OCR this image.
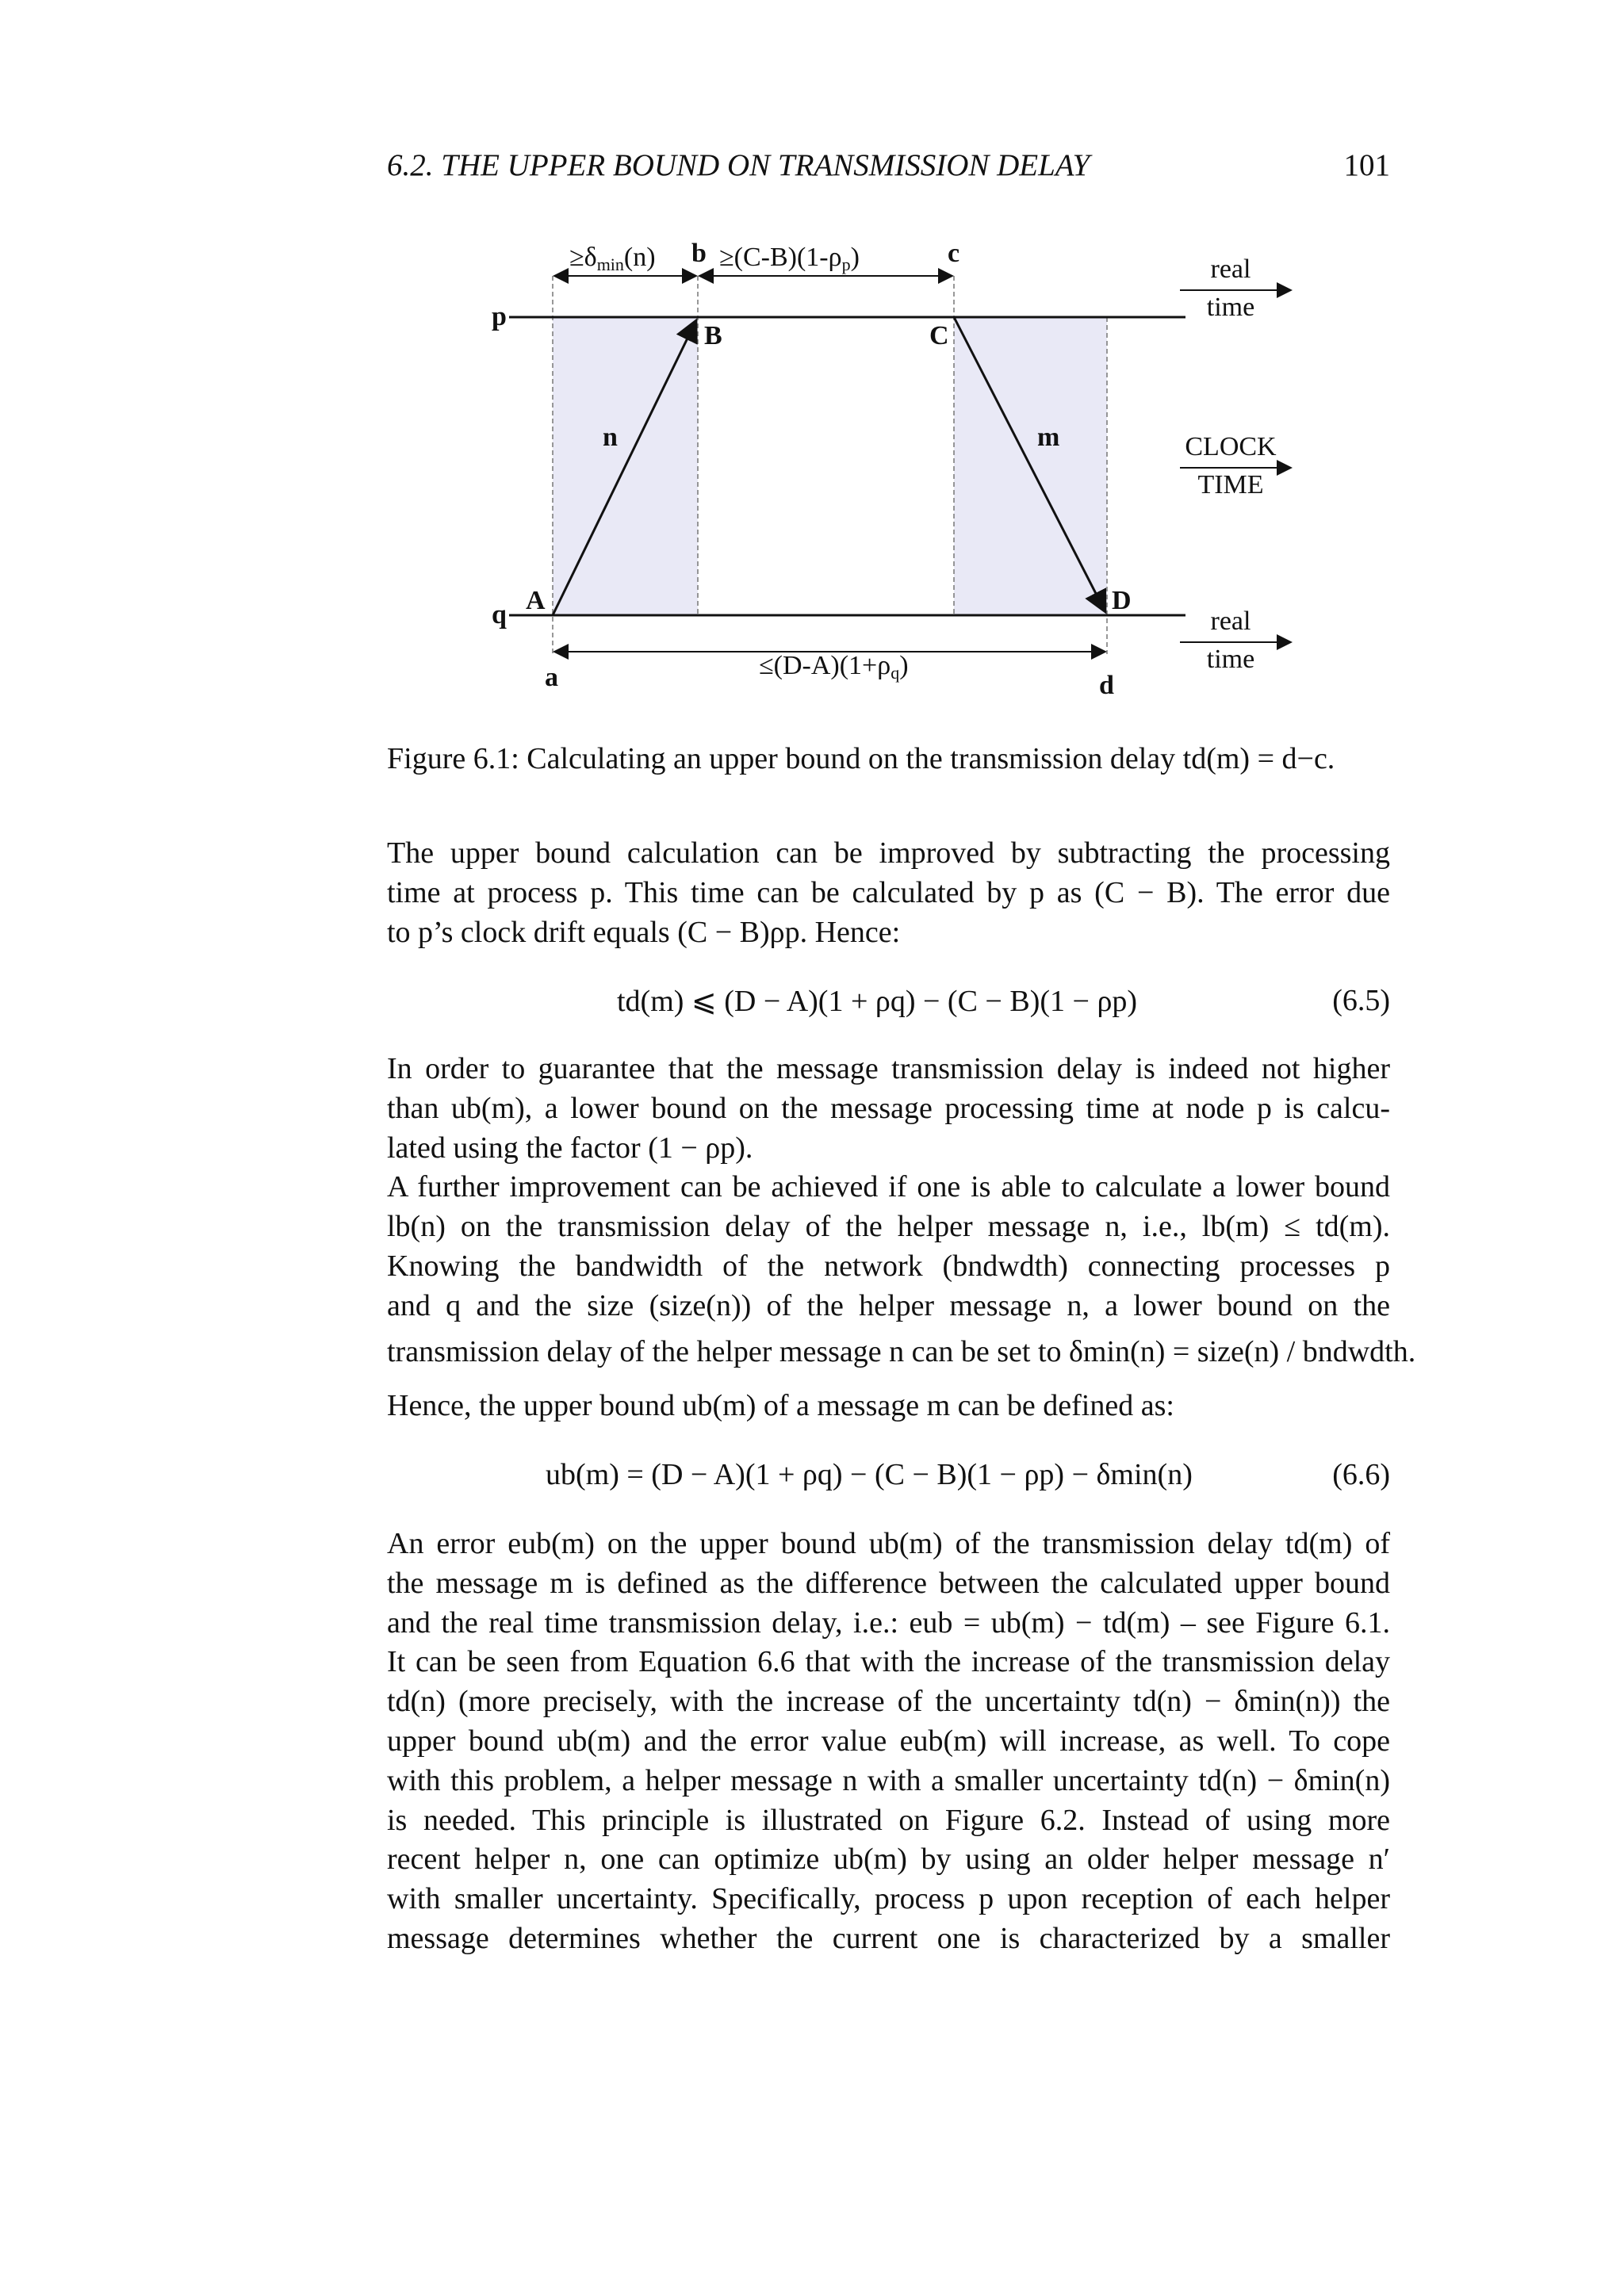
6.2. THE UPPER BOUND ON TRANSMISSION DELAY	101
p
q A
B	C
D
a
b	c
d
n	m
≥δmin(n) ≥(C-B)(1-ρp)
≤(D-A)(1+ρq)
real
time
CLOCK
TIME
real
time
Figure 6.1: Calculating an upper bound on the transmission delay td(m) = d−c.
The upper bound calculation can be improved by subtracting the processing
time at process p. This time can be calculated by p as (C − B). The error due
to p’s clock drift equals (C − B)ρp. Hence:
td(m) ⩽ (D − A)(1 + ρq) − (C − B)(1 − ρp)	(6.5)
In order to guarantee that the message transmission delay is indeed not higher
than ub(m), a lower bound on the message processing time at node p is calcu-
lated using the factor (1 − ρp).
A further improvement can be achieved if one is able to calculate a lower bound
lb(n) on the transmission delay of the helper message n, i.e., lb(m) ≤ td(m).
Knowing the bandwidth of the network (bndwdth) connecting processes p
and q and the size (size(n)) of the helper message n, a lower bound on the
transmission delay of the helper message n can be set to δmin(n) = size(n) / bndwdth.
Hence, the upper bound ub(m) of a message m can be defined as:
ub(m) = (D − A)(1 + ρq) − (C − B)(1 − ρp) − δmin(n)	(6.6)
An error eub(m) on the upper bound ub(m) of the transmission delay td(m) of
the message m is defined as the difference between the calculated upper bound
and the real time transmission delay, i.e.: eub = ub(m) − td(m) – see Figure 6.1.
It can be seen from Equation 6.6 that with the increase of the transmission delay
td(n) (more precisely, with the increase of the uncertainty td(n) − δmin(n)) the
upper bound ub(m) and the error value eub(m) will increase, as well. To cope
with this problem, a helper message n with a smaller uncertainty td(n) − δmin(n)
is needed. This principle is illustrated on Figure 6.2. Instead of using more
recent helper n, one can optimize ub(m) by using an older helper message n′
with smaller uncertainty. Specifically, process p upon reception of each helper
message determines whether the current one is characterized by a smaller
